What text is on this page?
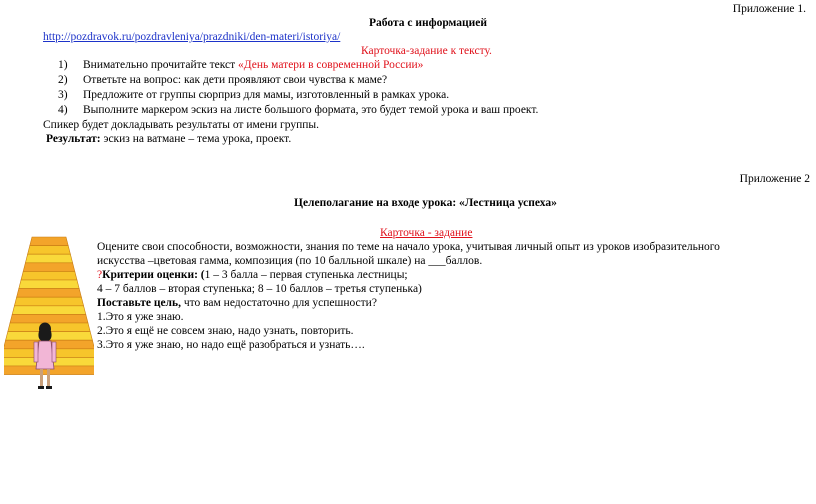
Приложение 1.
Работа с информацией
http://pozdravok.ru/pozdravleniya/prazdniki/den-materi/istoriya/
Карточка-задание к тексту.
1) Внимательно прочитайте текст «День матери в современной России»
2) Ответьте на вопрос: как дети проявляют свои чувства к маме?
3) Предложите от группы сюрприз для мамы, изготовленный в рамках урока.
4) Выполните маркером эскиз на листе большого формата, это будет темой урока и ваш проект.
Спикер будет докладывать результаты от имени группы.
Результат: эскиз на ватмане – тема урока, проект.
Приложение 2
Целеполагание на входе урока: «Лестница успеха»
Карточка - задание
Оцените свои способности, возможности, знания по теме на начало урока, учитывая личный опыт из уроков изобразительного
искусства –цветовая гамма, композиция (по 10 балльной шкале) на ___баллов.
?Критерии оценки: (1 – 3 балла – первая ступенька лестницы;
4 – 7 баллов – вторая ступенька; 8 – 10 баллов – третья ступенька)
Поставьте цель, что вам недостаточно для успешности?
1.Это я уже знаю.
2.Это я ещё не совсем знаю, надо узнать, повторить.
3.Это я уже знаю, но надо ещё разобраться и узнать….
